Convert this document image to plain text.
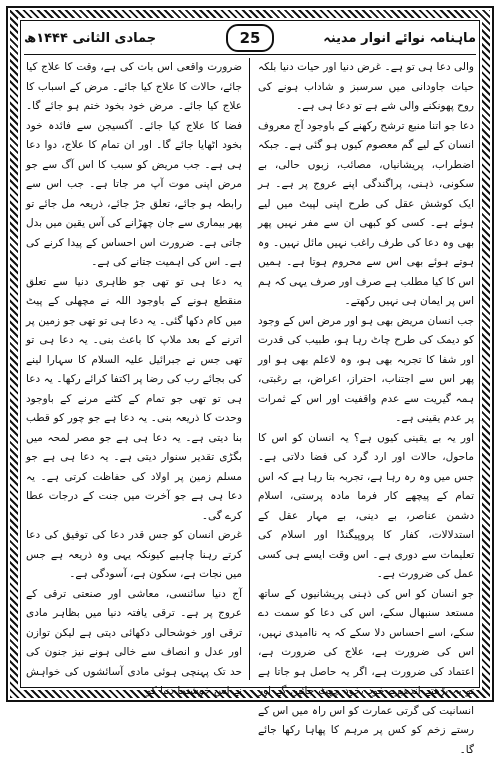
ماہنامہ نوائے انوار مدینہ
25
جمادی الثانی ۱۴۴۴ھ

والی دعا ہی تو ہے۔ غرض دنیا اور حیات دنیا بلکہ حیات جاودانی میں سرسبز و شاداب ہونے کی روح پھونکنے والی شے ہے تو دعا ہی ہے۔

دعا جو اتنا منبع ترشح رکھنے کے باوجود آج معروف انسان کے لیے گم معصوم کیوں ہو گئی ہے۔ جبکہ اضطراب، پریشانیاں، مصائب، زبوں حالی، بے سکونی، ذہنی، پراگندگی اپنے عروج پر ہے۔ ہر ایک کوشش عقل کی طرح اپنی لپیٹ میں لیے ہوئے ہے۔ کسی کو کبھی ان سے مفر نہیں پھر بھی وہ دعا کی طرف راغب نہیں مائل نہیں۔ وہ ہوتے ہوئے بھی اس سے محروم ہوتا ہے۔ ہمیں اس کا کیا مطلب ہے صرف اور صرف یہی کہ ہم اس پر ایمان ہی نہیں رکھتے۔

جب انسان مریض بھی ہو اور مرض اس کے وجود کو دیمک کی طرح چاٹ رہا ہو، طبیب کی قدرت اور شفا کا تجربہ بھی ہو، وہ لاعلم بھی ہو اور پھر اس سے اجتناب، احتراز، اعراض، بے رغبتی، ہمہ گیریت سے عدم واقفیت اور اس کے ثمرات پر عدم یقینی ہے۔

اور یہ بے یقینی کیوں ہے؟ یہ انسان کو اس کا ماحول، حالات اور ارد گرد کی فضا دلاتی ہے۔ جس میں وہ رہ رہا ہے، تجربہ بتا رہا ہے کہ اس تمام کے پیچھے کار فرما مادہ پرستی، اسلام دشمن عناصر، بے دینی، بے مہار عقل کے استدلالات، کفار کا پروپیگنڈا اور اسلام کی تعلیمات سے دوری ہے۔ اس وقت ایسے ہی کسی عمل کی ضرورت ہے۔

جو انسان کو اس کی ذہنی پریشانیوں کے ساتھ مستعد سنبھال سکے، اس کی دعا کو سمت دے سکے، اسے احساس دلا سکے کہ یہ ناامیدی نہیں، اس کی ضرورت ہے، علاج کی ضرورت ہے، اعتماد کی ضرورت ہے، اگر یہ حاصل ہو جاتا ہے تو یہ بڑھتے اندھیرے خود بخود چھٹ جائیں گے اور انسانیت کی گرتی عمارت کو اس راہ میں اس کے رستے زخم کو کس پر مرہم کا پھاہا رکھا جائے گا۔

ضرورت واقعی اس بات کی ہے، وقت کا علاج کیا جائے، حالات کا علاج کیا جائے۔ مرض کے اسباب کا علاج کیا جائے۔ مرض خود بخود ختم ہو جائے گا۔ فضا کا علاج کیا جائے۔ آکسیجن سے فائدہ خود بخود اٹھایا جائے گا۔ اور ان تمام کا علاج، دوا دعا ہی ہے۔ جب مریض کو سبب کا اس آگ سے جو مرض اپنی موت آپ مر جاتا ہے۔ جب اس سے رابطہ ہو جائے، تعلق جڑ جائے، ذریعہ مل جائے تو پھر بیماری سے جان چھڑانے کی آس یقین میں بدل جاتی ہے۔ ضرورت اس احساس کے پیدا کرنے کی ہے۔ اس کی اہمیت جتانے کی ہے۔

یہ دعا ہی تو تھی جو ظاہری دنیا سے تعلق منقطع ہونے کے باوجود اللہ نے مچھلی کے پیٹ میں کام دکھا گئی۔ یہ دعا ہی تو تھی جو زمین پر اترنے کے بعد ملاپ کا باعث بنی۔ یہ دعا ہی تو تھی جس نے جبرائیل علیہ السلام کا سہارا لینے کی بجائے رب کی رضا پر اکتفا کرائے رکھا۔ یہ دعا ہی تو تھی جو تمام کے کٹنے مرنے کے باوجود وحدت کا ذریعہ بنی۔ یہ دعا ہے جو چور کو قطب بنا دیتی ہے۔ یہ دعا ہی ہے جو مصر لمحہ میں بگڑی تقدیر سنوار دیتی ہے۔ یہ دعا ہی ہے جو مسلم زمین پر اولاد کی حفاظت کرتی ہے۔ یہ دعا ہی ہے جو آخرت میں جنت کے درجات عطا کرے گی۔

غرض انسان کو جس قدر دعا کی توفیق کی دعا کرتے رہنا چاہیے کیونکہ یہی وہ ذریعہ ہے جس میں نجات ہے، سکون ہے، آسودگی ہے۔

آج دنیا سائنسی، معاشی اور صنعتی ترقی کے عروج پر ہے۔ ترقی یافتہ دنیا میں بظاہر مادی ترقی اور خوشحالی دکھائی دیتی ہے لیکن توازن اور عدل و انصاف سے خالی ہونے نیز جنون کی حد تک پہنچی ہوئی مادی آسائشوں کی خواہش نے اس خوشنما دنیا کو
